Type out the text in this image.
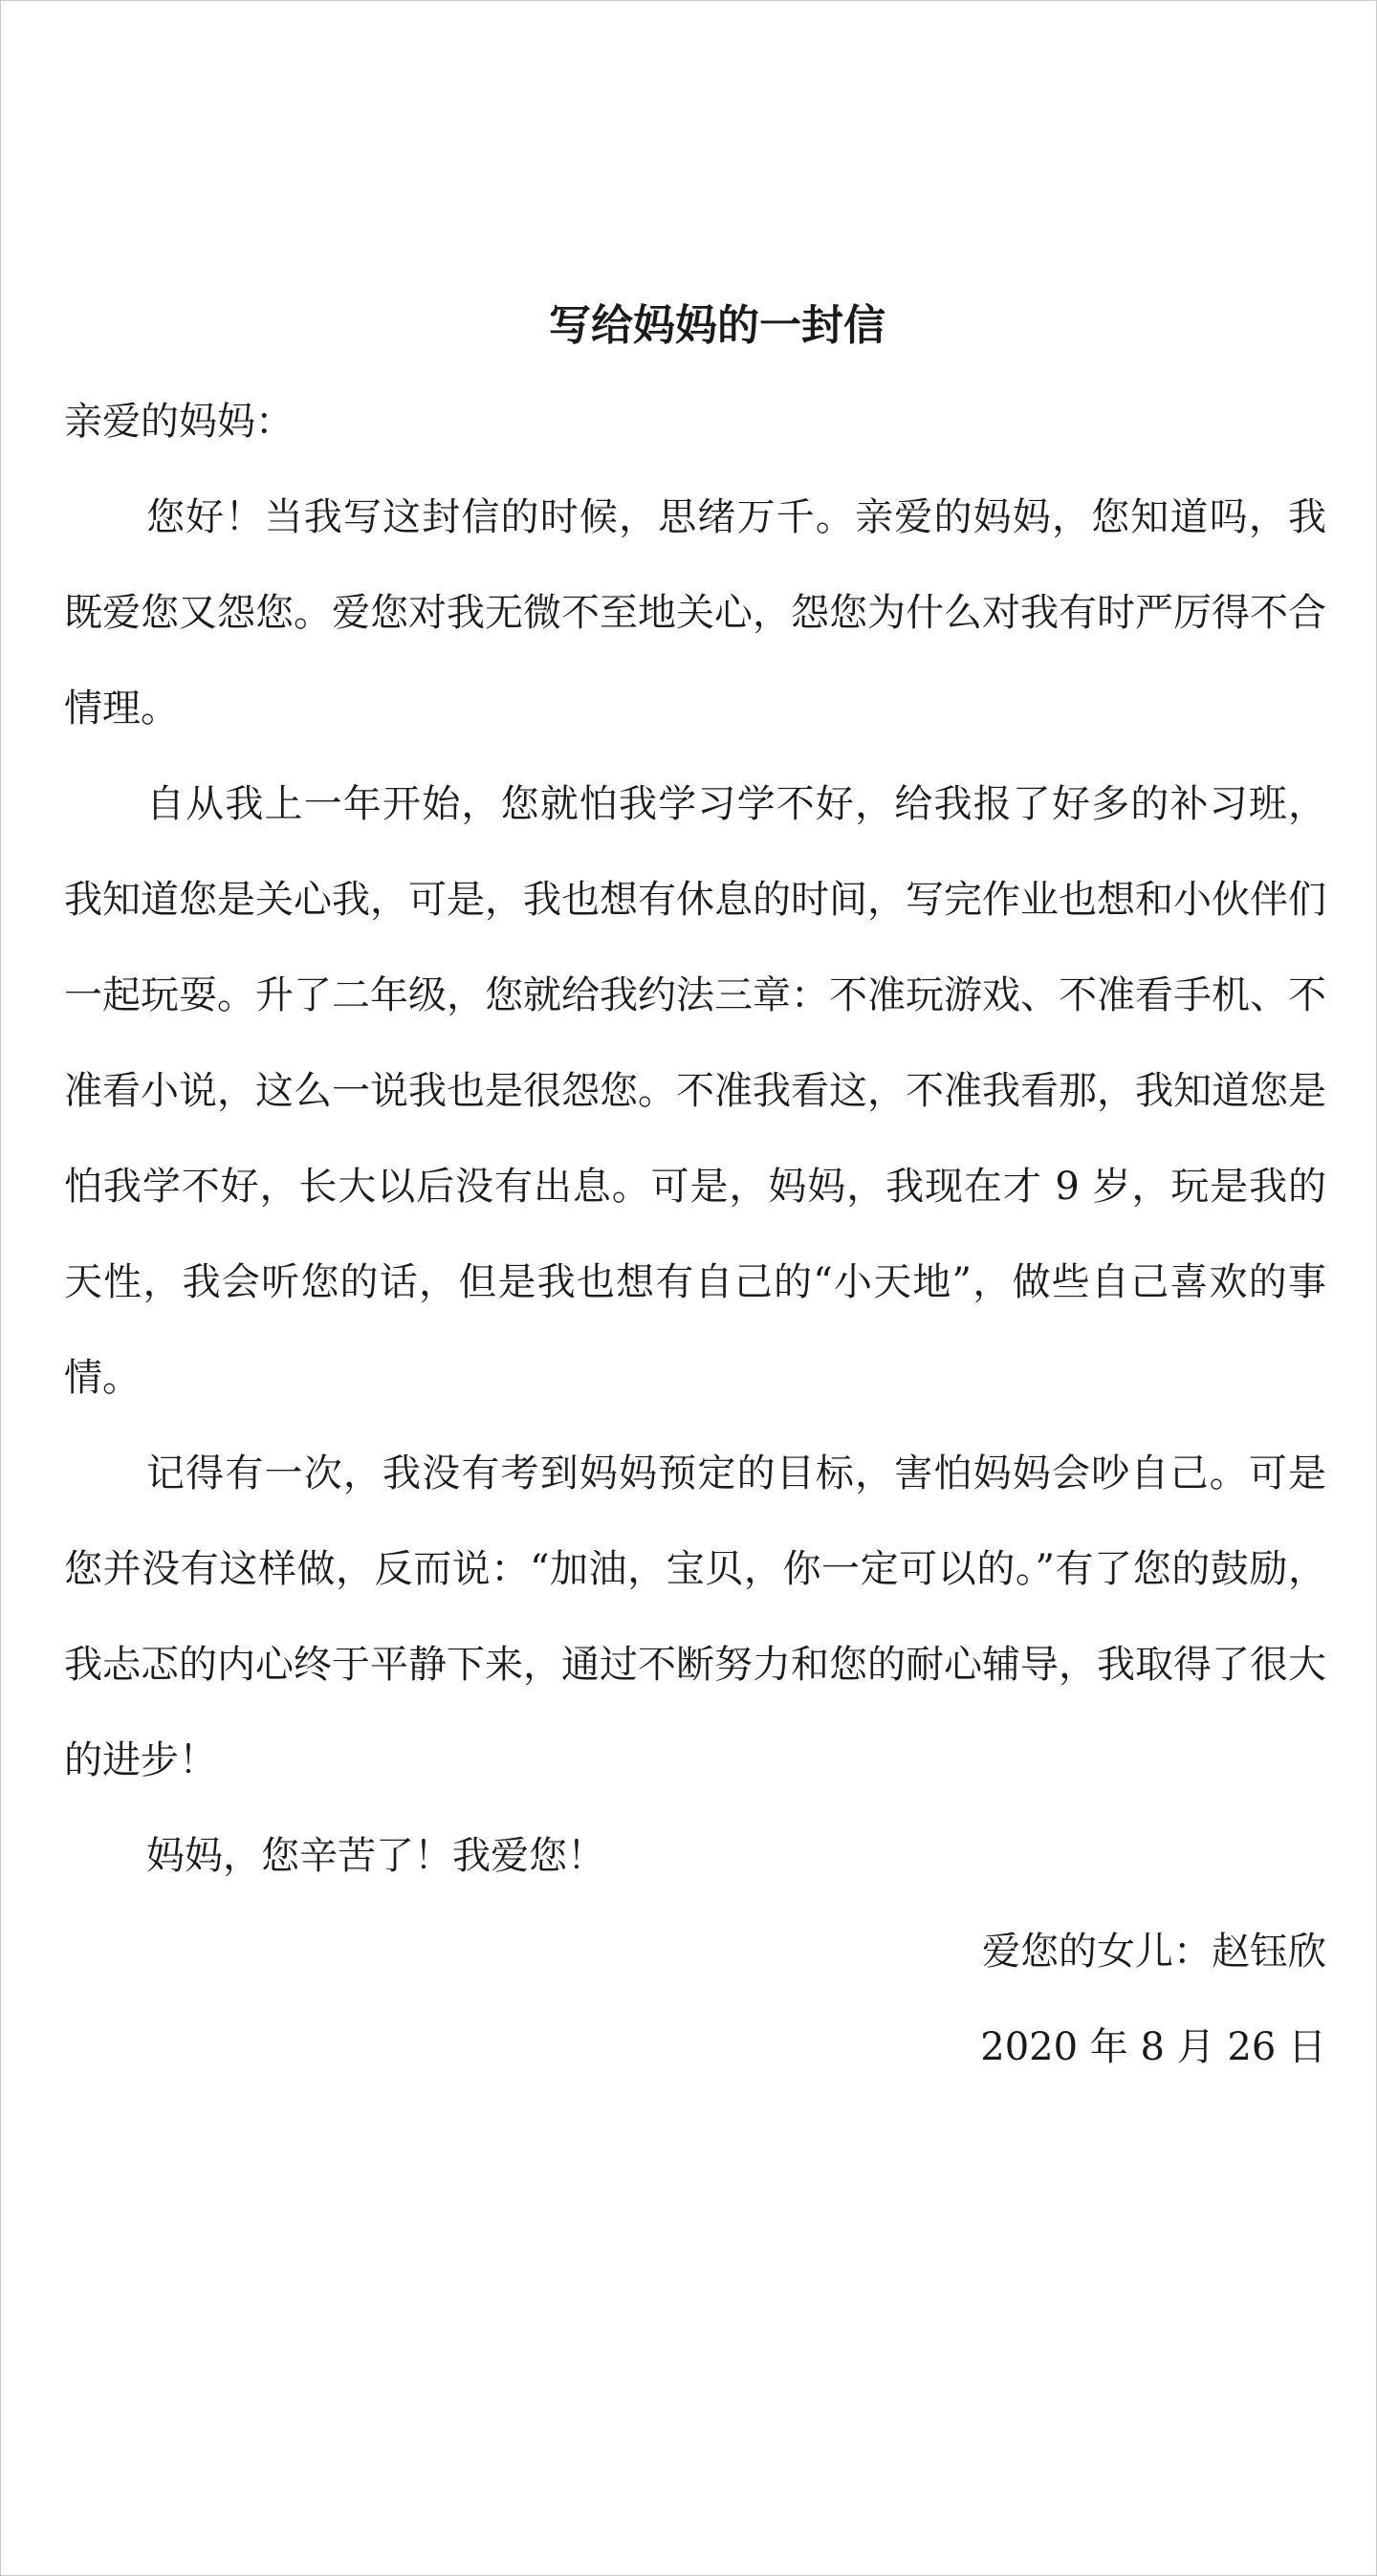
写给妈妈的一封信

亲爱的妈妈：

您好！当我写这封信的时候，思绪万千。亲爱的妈妈，您知道吗，我既爱您又怨您。爱您对我无微不至地关心，怨您为什么对我有时严厉得不合情理。

自从我上一年开始，您就怕我学习学不好，给我报了好多的补习班，我知道您是关心我，可是，我也想有休息的时间，写完作业也想和小伙伴们一起玩耍。升了二年级，您就给我约法三章：不准玩游戏、不准看手机、不准看小说，这么一说我也是很怨您。不准我看这，不准我看那，我知道您是怕我学不好，长大以后没有出息。可是，妈妈，我现在才 9 岁，玩是我的天性，我会听您的话，但是我也想有自己的“小天地”，做些自己喜欢的事情。

记得有一次，我没有考到妈妈预定的目标，害怕妈妈会吵自己。可是您并没有这样做，反而说：“加油，宝贝，你一定可以的。”有了您的鼓励，我忐忑的内心终于平静下来，通过不断努力和您的耐心辅导，我取得了很大的进步！

妈妈，您辛苦了！我爱您！

爱您的女儿：赵钰欣

2020 年 8 月 26 日
